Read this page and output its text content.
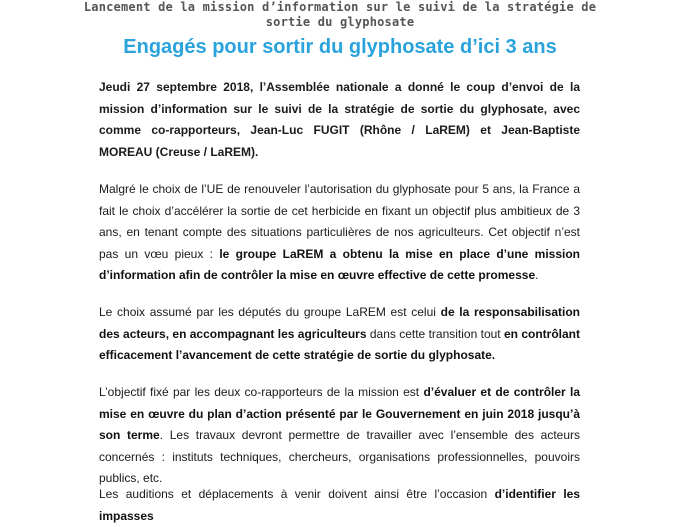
Lancement de la mission d’information sur le suivi de la stratégie de
sortie du glyphosate
Engagés pour sortir du glyphosate d’ici 3 ans

Jeudi 27 septembre 2018, l’Assemblée nationale a donné le coup d’envoi de la mission d’information sur le suivi de la stratégie de sortie du glyphosate, avec comme co-rapporteurs, Jean-Luc FUGIT (Rhône / LaREM) et Jean-Baptiste MOREAU (Creuse / LaREM).

Malgré le choix de l’UE de renouveler l’autorisation du glyphosate pour 5 ans, la France a fait le choix d’accélérer la sortie de cet herbicide en fixant un objectif plus ambitieux de 3 ans, en tenant compte des situations particulières de nos agriculteurs. Cet objectif n’est pas un vœu pieux : le groupe LaREM a obtenu la mise en place d’une mission d’information afin de contrôler la mise en œuvre effective de cette promesse.

Le choix assumé par les députés du groupe LaREM est celui de la responsabilisation des acteurs, en accompagnant les agriculteurs dans cette transition tout en contrôlant efficacement l’avancement de cette stratégie de sortie du glyphosate.

L’objectif fixé par les deux co-rapporteurs de la mission est d’évaluer et de contrôler la mise en œuvre du plan d’action présenté par le Gouvernement en juin 2018 jusqu’à son terme. Les travaux devront permettre de travailler avec l’ensemble des acteurs concernés : instituts techniques, chercheurs, organisations professionnelles, pouvoirs publics, etc.

Les auditions et déplacements à venir doivent ainsi être l’occasion d’identifier les impasses
